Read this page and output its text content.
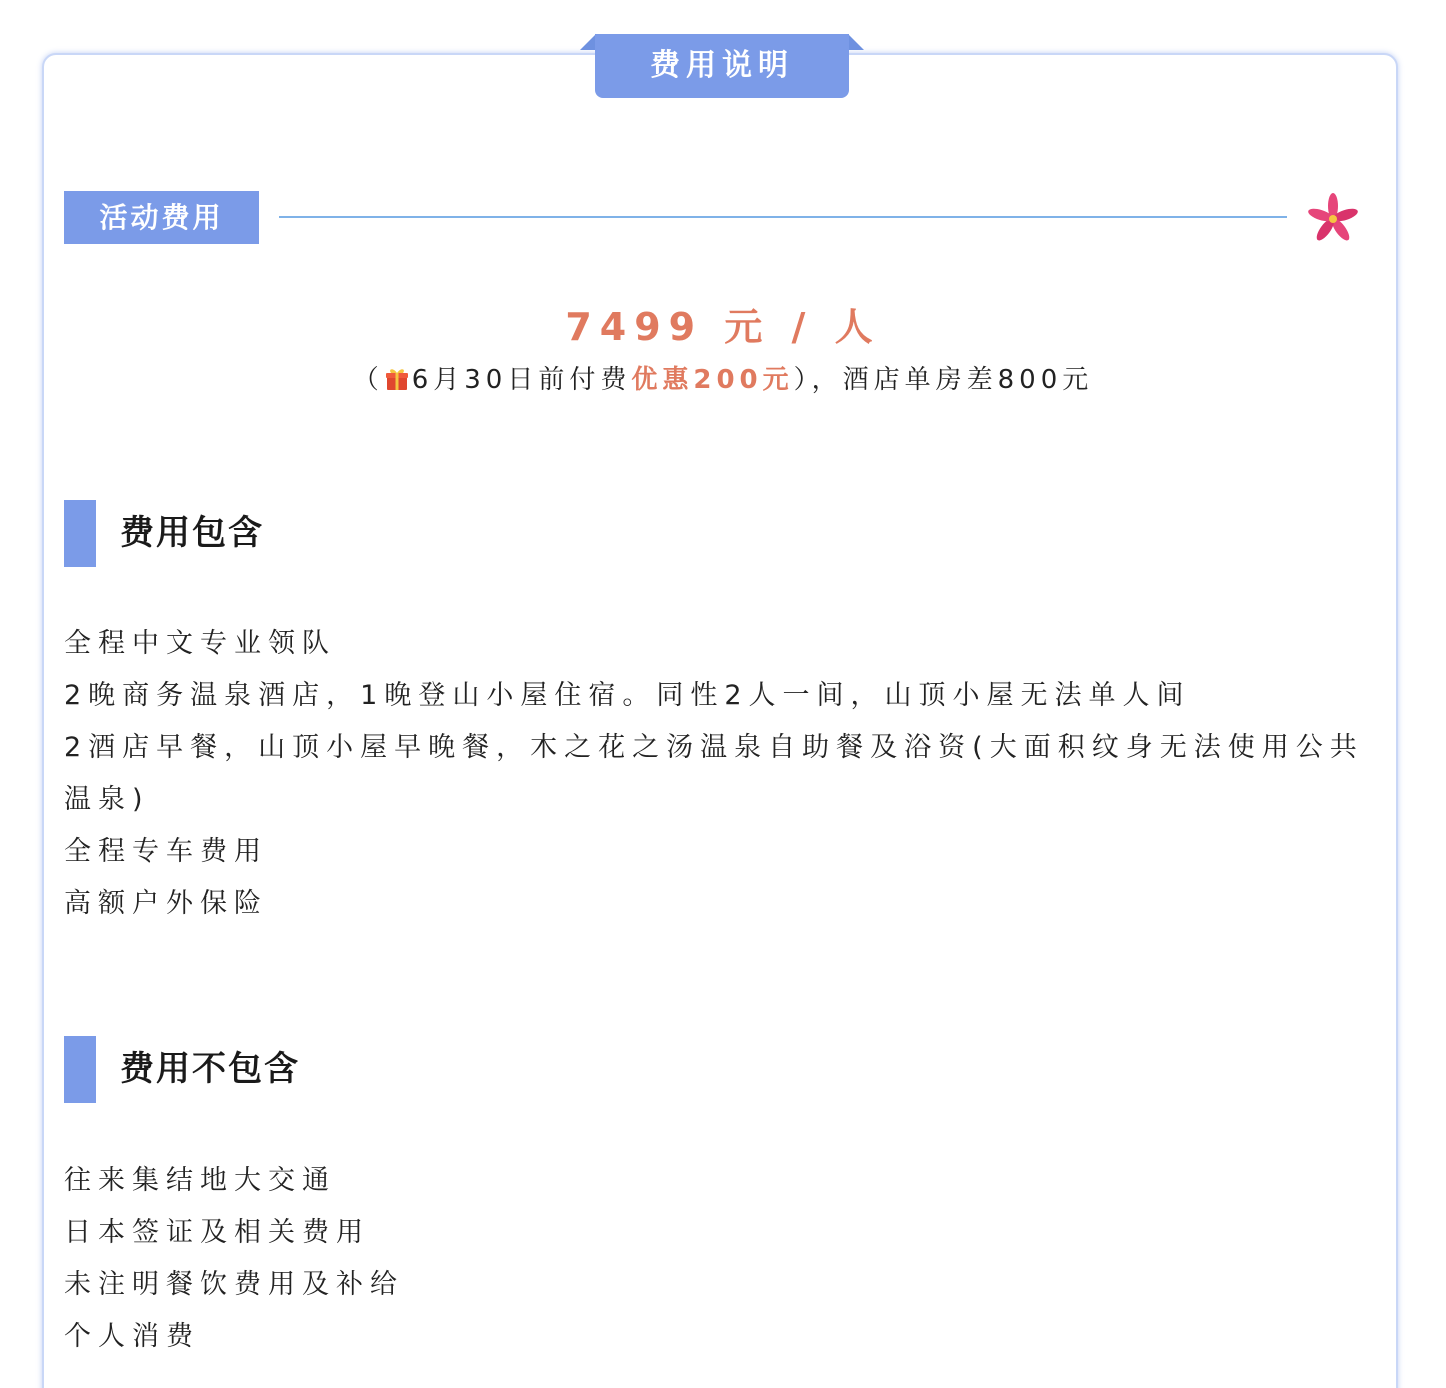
费用说明
活动费用
7499 元 / 人
（ 6月30日前付费优惠200元），酒店单房差800元
费用包含
全程中文专业领队
2晚商务温泉酒店，1晚登山小屋住宿。同性2人一间，山顶小屋无法单人间
2酒店早餐，山顶小屋早晚餐，木之花之汤温泉自助餐及浴资(大面积纹身无法使用公共温泉)
全程专车费用
高额户外保险
费用不包含
往来集结地大交通
日本签证及相关费用
未注明餐饮费用及补给
个人消费
